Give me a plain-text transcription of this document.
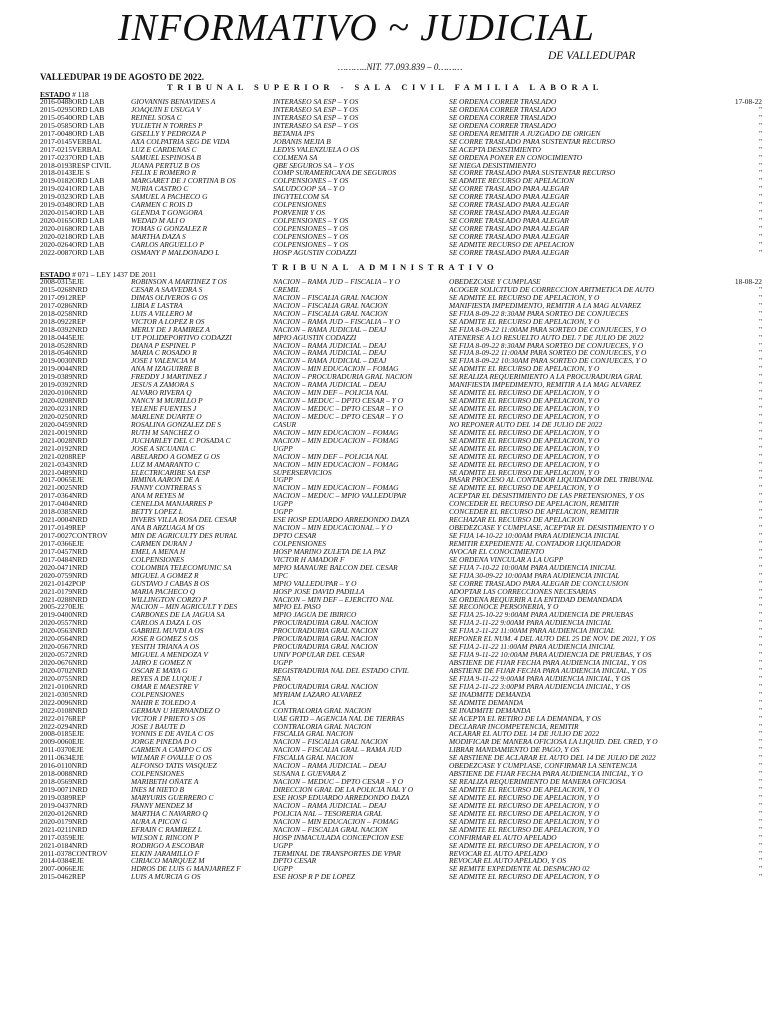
INFORMATIVO ~ JUDICIAL
DE VALLEDUPAR
………..NIT. 77.093.839 – 0………
VALLEDUPAR 19 DE AGOSTO DE 2022.
TRIBUNAL SUPERIOR - SALA CIVIL FAMILIA LABORAL
ESTADO # 118
2016-0488ORD LAB	GIOVANNIS BENAVIDES A	INTERASEO SA ESP – Y OS	SE ORDENA CORRER TRASLADO	17-08-22
2015-0295ORD LAB	JOAQUIN E USUGA V	INTERASEO SA ESP – Y OS	SE ORDENA CORRER TRASLADO	"
2015-0540ORD LAB	REINEL SOSA C	INTERASEO SA ESP – Y OS	SE ORDENA CORRER TRASLADO	"
2015-0585ORD LAB	YULIETH N TORRES P	INTERASEO SA ESP – Y OS	SE ORDENA CORRER TRASLADO	"
2017-0048ORD LAB	GISELLY Y PEDROZA P	BETANIA IPS	SE ORDENA REMITIR A JUZGADO DE ORIGEN	"
2017-0145VERBAL	AXA COLPATRIA SEG DE VIDA	JOBANIS MEJIA B	SE CORRE TRASLADO PARA SUSTENTAR RECURSO	"
2017-0215VERBAL	LUZ E CARDENAS C	LEDYS VALENZUELA O OS	SE ACEPTA DESISTIMIENTO	"
2017-0237ORD LAB	SAMUEL ESPINOSA B	COLMENA SA	SE ORDENA PONER EN CONOCIMIENTO	"
2018-0193RESP CIVIL	JUANA PERTUZ B OS	QBE SEGUROS SA – Y OS	SE NIEGA DESISTIMIENTO	"
2018-0143EJE S	FELIX E ROMERO R	COMP SURAMERICANA DE SEGUROS	SE CORRE TRASLADO PARA SUSTENTAR RECURSO	"
2019-0182ORD LAB	MARGARET DE J CORTINA B OS	COLPENSIONES – Y OS	SE ADMITE RECURSO DE APELACION	"
2019-0241ORD LAB	NURIA CASTRO C	SALUDCOOP SA – Y O	SE CORRE TRASLADO PARA ALEGAR	"
2019-0323ORD LAB	SAMUEL A PACHECO G	INGYTELCOM SA	SE CORRE TRASLADO PARA ALEGAR	"
2019-0348ORD LAB	CARMEN C ROIS D	COLPENSIONES	SE CORRE TRASLADO PARA ALEGAR	"
2020-0154ORD LAB	GLENDA T GONGORA	PORVENIR Y OS	SE CORRE TRASLADO PARA ALEGAR	"
2020-0165ORD LAB	WEDAD M ALI O	COLPENSIONES – Y OS	SE CORRE TRASLADO PARA ALEGAR	"
2020-0168ORD LAB	TOMAS G GONZALEZ R	COLPENSIONES – Y OS	SE CORRE TRASLADO PARA ALEGAR	"
2020-0218ORD LAB	MARTHA DAZA S	COLPENSIONES – Y OS	SE CORRE TRASLADO PARA ALEGAR	"
2020-0264ORD LAB	CARLOS ARGUELLO P	COLPENSIONES – Y OS	SE ADMITE RECURSO DE APELACION	"
2022-0087ORD LAB	OSMANY P MALDONADO L	HOSP AGUSTIN CODAZZI	SE CORRE TRASLADO PARA ALEGAR	"
TRIBUNAL ADMINISTRATIVO
ESTADO # 071 – LEY 1437 DE 2011
2008-0315EJE	ROBINSON A MARTINEZ T OS	NACION – RAMA JUD – FISCALIA – Y O	OBEDEZCASE Y CUMPLASE	18-08-22
2015-0268NRD	CESAR A SAAVEDRA S	CREMIL	ACOGER SOLICITUD DE CORRECCION ARITMETICA DE AUTO	"
2017-0912REP	DIMAS OLIVEROS G OS	NACION – FISCALIA GRAL NACION	SE ADMITE EL RECURSO DE APELACION, Y O	"
2017-0286NRD	LIBIA E LASTRA	NACION – FISCALIA GRAL NACION	MANIFIESTA IMPEDIMENTO, REMITIR A LA MAG ALVAREZ	"
2018-0258NRD	LUIS A VILLERO M	NACION – FISCALIA GRAL NACION	SE FIJA 8-09-22 8:30AM PARA SORTEO DE CONJUECES	"
2018-0922REP	VICTOR A LOPEZ R OS	NACION – RAMA JUD – FISCALIA – Y O	SE ADMITE EL RECURSO DE APELACION, Y O	"
2018-0392NRD	MERLY DE J RAMIREZ A	NACION – RAMA JUDICIAL – DEAJ	SE FIJA 8-09-22 11:00AM PARA SORTEO DE CONJUECES, Y O	"
2018-0445EJE	UT POLIDEPORTIVO CODAZZI	MPIO AGUSTIN CODAZZI	ATENERSE A LO RESUELTO AUTO DEL 7 DE JULIO DE 2022	"
2018-0528NRD	DIANA P ESPINEL P	NACION – RAMA JUDICIAL – DEAJ	SE FIJA 8-09-22 8:30AM PARA SORTEO DE CONJUECES, Y O	"
2018-0546NRD	MARIA C ROSADO R	NACION – RAMA JUDICIAL – DEAJ	SE FIJA 8-09-22 11:00AM PARA SORTEO DE CONJUECES, Y O	"
2019-0030NRD	JOSE I VALENCIA M	NACION – RAMA JUDICIAL – DEAJ	SE FIJA 8-09-22 10:30AM PARA SORTEO DE CONJUECES, Y O	"
2019-0044NRD	ANA M IZAGUIRRE B	NACION – MIN EDUCACION – FOMAG	SE ADMITE EL RECURSO DE APELACION, Y O	"
2019-0389NRD	FREDDY J MARTINEZ J	NACION – PROCURADURIA GRAL NACION	SE REALIZA REQUERIMIENTO A LA PROCURADURIA GRAL	"
2019-0392NRD	JESUS A ZAMORA S	NACION – RAMA JUDICIAL – DEAJ	MANIFIESTA IMPEDIMENTO, REMITIR A LA MAG ALVAREZ	"
2020-0106NRD	ALVARO RIVERA Q	NACION – MIN DEF – POLICIA NAL	SE ADMITE EL RECURSO DE APELACION, Y O	"
2020-0208NRD	NANCY M MURILLO P	NACION – MEDUC – DPTO CESAR – Y O	SE ADMITE EL RECURSO DE APELACION, Y O	"
2020-0231NRD	YELENE FUENTES J	NACION – MEDUC – DPTO CESAR – Y O	SE ADMITE EL RECURSO DE APELACION, Y O	"
2020-0250NRD	MARLENE DUARTE O	NACION – MEDUC – DPTO CESAR – Y O	SE ADMITE EL RECURSO DE APELACION, Y O	"
2020-0459NRD	ROSALINA GONZALEZ DE S	CASUR	NO REPONER AUTO DEL 14 DE JULIO DE 2022	"
2021-0019NRD	RUTH M SANCHEZ O	NACION – MIN EDUCACION – FOMAG	SE ADMITE EL RECURSO DE APELACION, Y O	"
2021-0028NRD	JUCHARLEY DEL C POSADA C	NACION – MIN EDUCACION – FOMAG	SE ADMITE EL RECURSO DE APELACION, Y O	"
2021-0192NRD	JOSE A SICUANIA C	UGPP	SE ADMITE EL RECURSO DE APELACION, Y O	"
2021-0208REP	ABELARDO A GOMEZ G OS	NACION – MIN DEF – POLICIA NAL	SE ADMITE EL RECURSO DE APELACION, Y O	"
2021-0343NRD	LUZ M AMARANTO C	NACION – MIN EDUCACION – FOMAG	SE ADMITE EL RECURSO DE APELACION, Y O	"
2021-0489NRD	ELECTRICARIBE SA ESP	SUPERSERVICIOS	SE ADMITE EL RECURSO DE APELACION, Y O	"
2017-0065EJE	IRMINA AARON DE A	UGPP	PASAR PROCESO AL CONTADOR LIQUIDADOR DEL TRIBUNAL	"
2021-0025NRD	FANNY CONTRERAS S	NACION – MIN EDUCACION – FOMAG	SE ADMITE EL RECURSO DE APELACION, Y O	"
2017-0364NRD	ANA M REYES M	NACION – MEDUC – MPIO VALLEDUPAR	ACEPTAR EL DESISTIMIENTO DE LAS PRETENSIONES, Y OS	"
2017-0404NRD	CENELDA MANJARRES P	UGPP	CONCEDER EL RECURSO DE APELACION, REMITIR	"
2018-0385NRD	BETTY LOPEZ L	UGPP	CONCEDER EL RECURSO DE APELACION, REMITIR	"
2021-0004NRD	INVERS VILLA ROSA DEL CESAR	ESE HOSP EDUARDO ARREDONDO DAZA	RECHAZAR EL RECURSO DE APELACION	"
2017-0149REP	ANA B ARZUAGA M OS	NACION – MIN EDUCACIONAL – Y O	OBEDEZCASE Y CUMPLASE, ACEPTAR EL DESISTIMIENTO Y O	"
2017-0027CONTROV	MIN DE AGRICULTY DES RURAL	DPTO CESAR	SE FIJA 14-10-22 10:00AM PARA AUDIENCIA INICIAL	"
2017-0366EJE	CARMEN DURAN J	COLPENSIONES	REMITIR EXPEDIENTE AL CONTADOR LIQUIDADOR	"
2017-0457NRD	EMEL A MENA H	HOSP MARINO ZULETA DE LA PAZ	AVOCAR EL CONOCIMIENTO	"
2017-0484NRD	COLPENSIONES	VICTOR H AMADOR F	SE ORDENA VINCULAR A LA UGPP	"
2020-0471NRD	COLOMBIA TELECOMUNIC SA	MPIO MANAURE BALCON DEL CESAR	SE FIJA 7-10-22 10:00AM PARA AUDIENCIA INICIAL	"
2020-0759NRD	MIGUEL A GOMEZ R	UPC	SE FIJA 30-09-22 10:00AM PARA AUDIENCIA INICIAL	"
2021-0142POP	GUSTAVO J CABAS B OS	MPIO VALLEDUPAR – Y O	SE CORRE TRASLADO PARA ALEGAR DE CONCLUSION	"
2021-0179NRD	MARIA PACHECO Q	HOSP JOSE DAVID PADILLA	ADOPTAR LAS CORRECCIONES NECESARIAS	"
2021-0288NRD	WILLINGTON CORZO P	NACION – MIN DEF – EJERCITO NAL	SE ORDENA REQUERIR A LA ENTIDAD DEMANDADA	"
2005-2270EJE	NACION – MIN AGRICULT Y DES	MPIO EL PASO	SE RECONOCE PERSONERIA, Y O	"
2019-0400NRD	CARBONES DE LA JAGUA SA	MPIO JAGUA DE IBIRICO	SE FIJA 25-10-22 9:00AM PARA AUDIENCIA DE PRUEBAS	"
2020-0557NRD	CARLOS A DAZA L OS	PROCURADURIA GRAL NACION	SE FIJA 2-11-22 9:00AM PARA AUDIENCIA INICIAL	"
2020-0563NRD	GABRIEL MUVDI A OS	PROCURADURIA GRAL NACION	SE FIJA 2-11-22 11:00AM PARA AUDIENCIA INICIAL	"
2020-0564NRD	JOSE R GOMEZ S OS	PROCURADURIA GRAL NACION	REPONER EL NUM. 4 DEL AUTO DEL 25 DE NOV. DE 2021, Y OS	"
2020-0567NRD	YESITH TRIANA A OS	PROCURADURIA GRAL NACION	SE FIJA 2-11-22 11:00AM PARA AUDIENCIA INICIAL	"
2020-0572NRD	MIGUEL A MENDOZA V	UNIV POPULAR DEL CESAR	SE FIJA 9-11-22 10:00AM PARA AUDIENCIA DE PRUEBAS, Y OS	"
2020-0676NRD	JAIRO E GOMEZ N	UGPP	ABSTIENE DE FIJAR FECHA PARA AUDIENCIA INICIAL, Y OS	"
2020-0702NRD	OSCAR E MAYA G	REGISTRADURIA NAL DEL ESTADO CIVIL	ABSTIENE DE FIJAR FECHA PARA AUDIENCIA INICIAL, Y OS	"
2020-0755NRD	REYES A DE LUQUE J	SENA	SE FIJA 9-11-22 9:00AM PARA AUDIENCIA INICIAL, Y OS	"
2021-0106NRD	OMAR E MAESTRE V	PROCURADURIA GRAL NACION	SE FIJA 2-11-22 3:00PM PARA AUDIENCIA INICIAL, Y OS	"
2021-0305NRD	COLPENSIONES	MYRIAM LAZARO ALVAREZ	SE INADMITE DEMANDA	"
2022-0096NRD	NAHIR E TOLEDO A	ICA	SE ADMITE DEMANDA	"
2022-0108NRD	GERMAN U HERNANDEZ O	CONTRALORIA GRAL NACION	SE INADMITE DEMANDA	"
2022-0176REP	VICTOR J PRIETO S OS	UAE GRTD – AGENCIA NAL DE TIERRAS	SE ACEPTA EL RETIRO DE LA DEMANDA, Y OS	"
2022-0294NRD	JOSE J BAUTE D	CONTRALORIA GRAL NACION	DECLARAR INCOMPETENCIA, REMITIR	"
2008-0185EJE	YONNIS E DE AVILA C OS	FISCALIA GRAL NACION	ACLARAR EL AUTO DEL 14 DE JULIO DE 2022	"
2009-0060EJE	JORGE PINEDA D O	NACION – FISCALIA GRAL NACION	MODIFICAR DE MANERA OFICIOSA LA LIQUID. DEL CRED, Y O	"
2011-0370EJE	CARMEN A CAMPO C OS	NACION – FISCALIA GRAL – RAMA JUD	LIBRAR MANDAMIENTO DE PAGO, Y OS	"
2011-0634EJE	WILMAR F OVALLE O OS	FISCALIA GRAL NACION	SE ABSTIENE DE ACLARAR EL AUTO DEL 14 DE JULIO DE 2022	"
2016-0110NRD	ALFONSO TATIS VASQUEZ	NACION – RAMA JUDICIAL – DEAJ	OBEDEZCASE Y CUMPLASE, CONFIRMAR LA SENTENCIA	"
2018-0088NRD	COLPENSIONES	SUSANA L GUEVARA Z	ABSTIENE DE FIJAR FECHA PARA AUDIENCIA INICIAL, Y O	"
2018-0569NRD	MARIBETH OÑATE A	NACION – MEDUC – DPTO CESAR – Y O	SE REALIZA REQUERIMIENTO DE MANERA OFICIOSA	"
2019-0071NRD	INES M NIETO B	DIRECCION GRAL DE LA POLICIA NAL Y O	SE ADMITE EL RECURSO DE APELACION, Y O	"
2019-0389REP	MARYURIS GUERRERO C	ESE HOSP EDUARDO ARREDONDO DAZA	SE ADMITE EL RECURSO DE APELACION, Y O	"
2019-0437NRD	FANNY MENDEZ M	NACION – RAMA JUDICIAL – DEAJ	SE ADMITE EL RECURSO DE APELACION, Y O	"
2020-0126NRD	MARTHA C NAVARRO Q	POLICIA NAL – TESORERIA GRAL	SE ADMITE EL RECURSO DE APELACION, Y O	"
2020-0179NRD	AURA A PICON G	NACION – MIN EDUCACION – FOMAG	SE ADMITE EL RECURSO DE APELACION, Y O	"
2021-0211NRD	EFRAIN C RAMIREZ L	NACION – FISCALIA GRAL NACION	SE ADMITE EL RECURSO DE APELACION, Y O	"
2017-0359EJE	WILSON L RINCON P	HOSP INMACULADA CONCEPCION ESE	CONFIRMAR EL AUTO APELADO	"
2021-0184NRD	RODRIGO A ESCOBAR	UGPP	SE ADMITE EL RECURSO DE APELACION, Y O	"
2011-0378CONTROV	ELKIN JARAMILLO F	TERMINAL DE TRANSPORTES DE VPAR	REVOCAR EL AUTO APELADO	"
2014-0384EJE	CIRIACO MARQUEZ M	DPTO CESAR	REVOCAR EL AUTO APELADO, Y OS	"
2007-0066EJE	HDROS DE LUIS G MANJARREZ F	UGPP	SE REMITE EXPEDIENTE AL DESPACHO 02	"
2015-0462REP	LUIS A MURCIA G OS	ESE HOSP R P DE LOPEZ	SE ADMITE EL RECURSO DE APELACION, Y O	"
